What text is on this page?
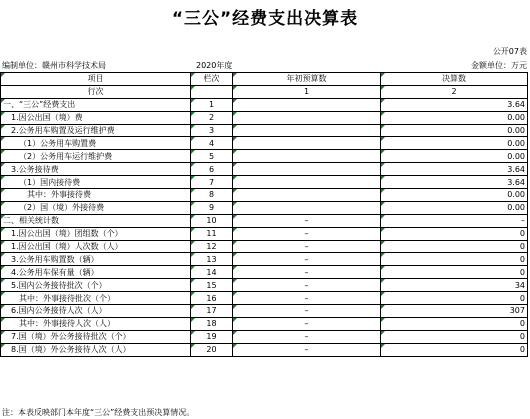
“三公”经费支出决算表
公开07表
编制单位：赣州市科学技术局	2020年度	金额单位：万元
项目	栏次	年初预算数	决算数
行次		1	2
一、“三公”经费支出	1		3.64
1.因公出国（境）费	2		0.00
2.公务用车购置及运行维护费	3		0.00
（1）公务用车购置费	4		0.00
（2）公务用车运行维护费	5		0.00
3.公务接待费	6		3.64
（1）国内接待费	7		3.64
其中：外事接待费	8		0.00
（2）国（境）外接待费	9		0.00
二、相关统计数	10	–	–
1.因公出国（境）团组数（个）	11	–	0
1.因公出国（境）人次数（人）	12	–	0
3.公务用车购置数（辆）	13	–	0
4.公务用车保有量（辆）	14	–	0
5.国内公务接待批次（个）	15	–	34
其中：外事接待批次（个）	16	–	0
6.国内公务接待人次（人）	17	–	307
其中：外事接待人次（人）	18	–	0
7.国（境）外公务接待批次（个）	19	–	0
8.国（境）外公务接待人次（人）	20	–	0
注：本表反映部门本年度“三公”经费支出预决算情况。
